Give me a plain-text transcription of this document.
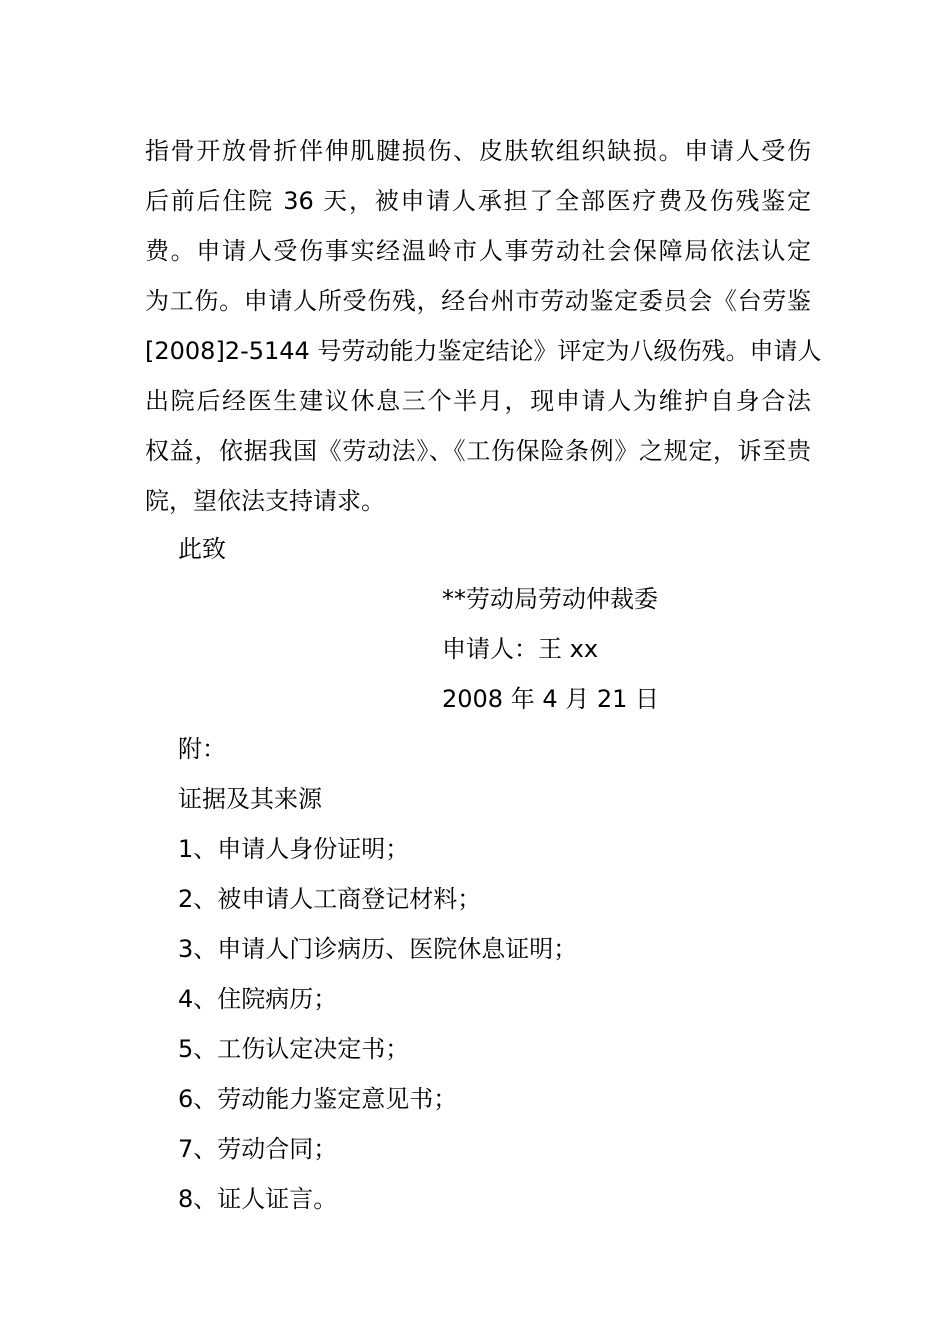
指骨开放骨折伴伸肌腱损伤、皮肤软组织缺损。申请人受伤
后前后住院 36 天，被申请人承担了全部医疗费及伤残鉴定
费。申请人受伤事实经温岭市人事劳动社会保障局依法认定
为工伤。申请人所受伤残，经台州市劳动鉴定委员会《台劳鉴
[2008]2-5144 号劳动能力鉴定结论》评定为八级伤残。申请人
出院后经医生建议休息三个半月，现申请人为维护自身合法
权益，依据我国《劳动法》、《工伤保险条例》之规定，诉至贵
院，望依法支持请求。
此致
**劳动局劳动仲裁委
申请人：王 xx
2008 年 4 月 21 日
附：
证据及其来源
1、申请人身份证明；
2、被申请人工商登记材料；
3、申请人门诊病历、医院休息证明；
4、住院病历；
5、工伤认定决定书；
6、劳动能力鉴定意见书；
7、劳动合同；
8、证人证言。
